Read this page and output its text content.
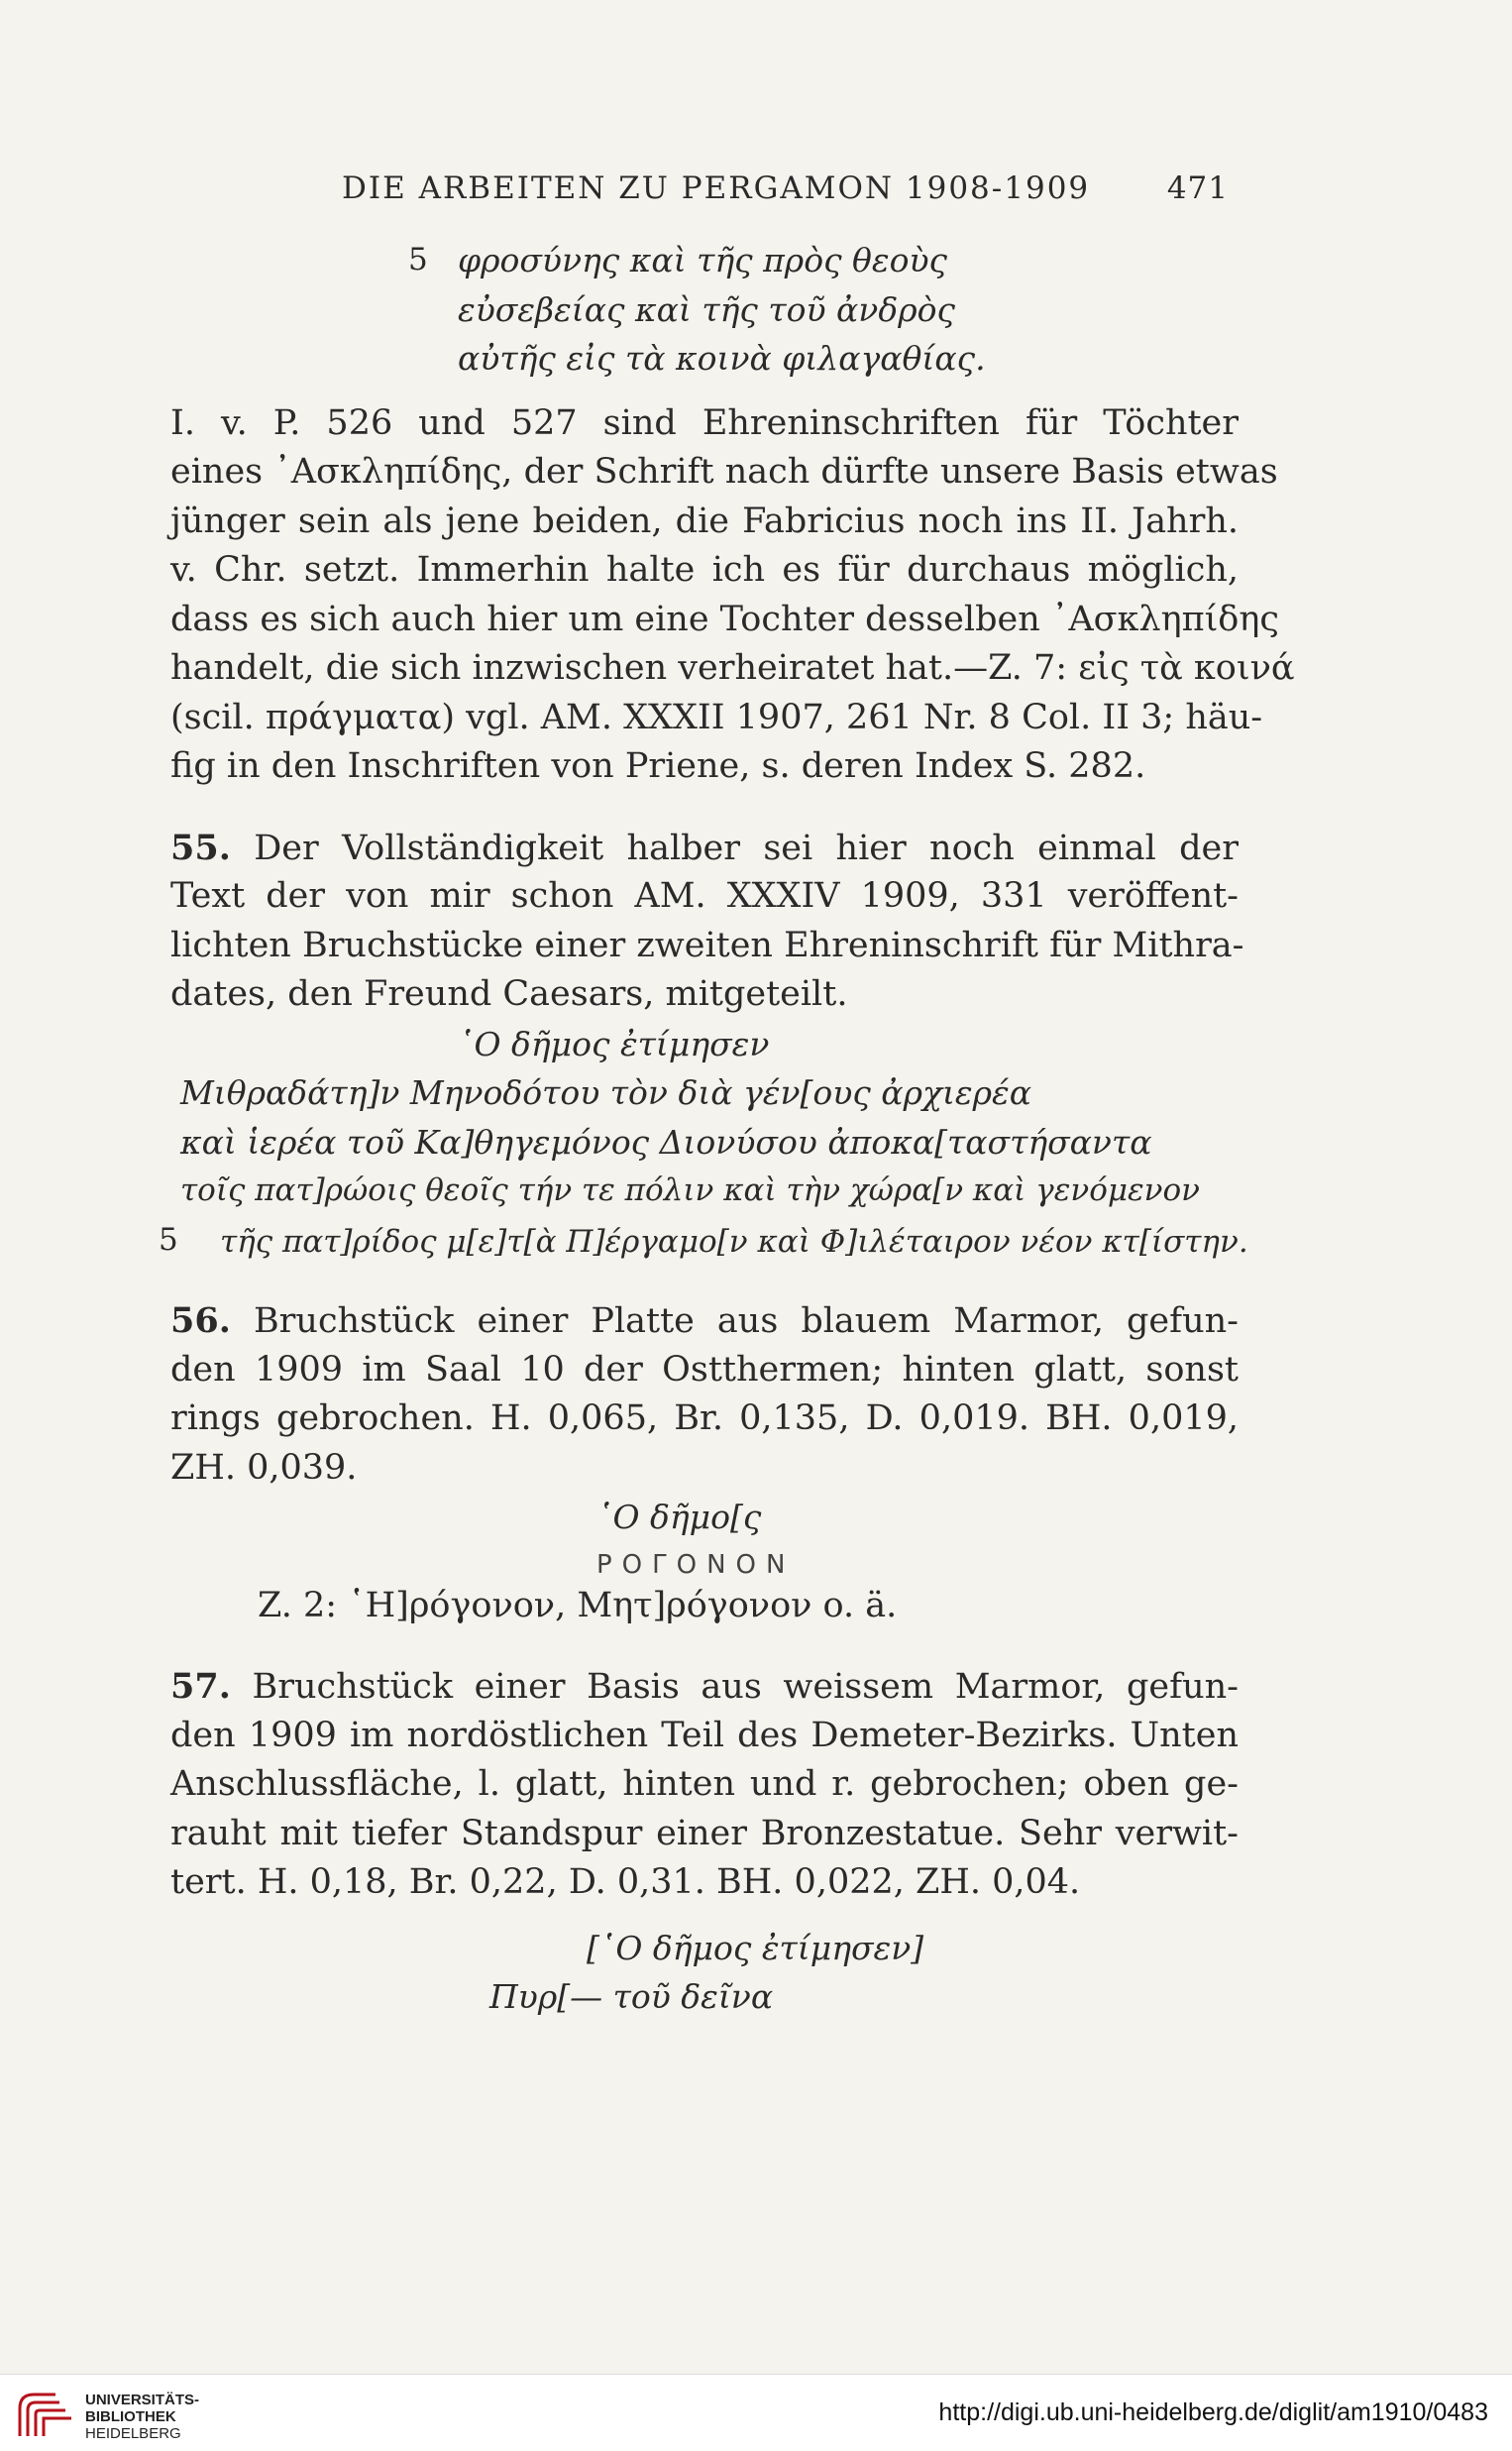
DIE ARBEITEN ZU PERGAMON 1908-1909	471
5 φροσύνης καὶ τῆς πρὸς θεοὺς
εὐσεβείας καὶ τῆς τοῦ ἀνδρὸς
αὐτῆς εἰς τὰ κοινὰ φιλαγαθίας.
I. v. P. 526 und 527 sind Ehreninschriften für Töchter
eines ᾿Ασκληπίδης, der Schrift nach dürfte unsere Basis etwas
jünger sein als jene beiden, die Fabricius noch ins II. Jahrh.
v. Chr. setzt. Immerhin halte ich es für durchaus möglich,
dass es sich auch hier um eine Tochter desselben ᾿Ασκληπίδης
handelt, die sich inzwischen verheiratet hat.—Z. 7: εἰς τὰ κοινά
(scil. πράγματα) vgl. AM. XXXII 1907, 261 Nr. 8 Col. II 3; häu-
fig in den Inschriften von Priene, s. deren Index S. 282.
55. Der Vollständigkeit halber sei hier noch einmal der
Text der von mir schon AM. XXXIV 1909, 331 veröffent-
lichten Bruchstücke einer zweiten Ehreninschrift für Mithra-
dates, den Freund Caesars, mitgeteilt.
῾Ο δῆμος ἐτίμησεν
Μιθραδάτη]ν Μηνοδότου τὸν διὰ γέν[ους ἀρχιερέα
καὶ ἱερέα τοῦ Κα]θηγεμόνος Διονύσου ἀποκα[ταστήσαντα
τοῖς πατ]ρώοις θεοῖς τήν τε πόλιν καὶ τὴν χώρα[ν καὶ γενόμενον
5 τῆς πατ]ρίδος μ[ε]τ[ὰ Π]έργαμο[ν καὶ Φ]ιλέταιρον νέον κτ[ίστην.
56. Bruchstück einer Platte aus blauem Marmor, gefun-
den 1909 im Saal 10 der Ostthermen; hinten glatt, sonst
rings gebrochen. H. 0,065, Br. 0,135, D. 0,019. BH. 0,019,
ZH. 0,039.
῾Ο δῆμο[ς
ΡΟΓΟΝΟΝ
Z. 2: ῾Η]ρόγονον, Μητ]ρόγονον o. ä.
57. Bruchstück einer Basis aus weissem Marmor, gefun-
den 1909 im nordöstlichen Teil des Demeter-Bezirks. Unten
Anschlussfläche, l. glatt, hinten und r. gebrochen; oben ge-
rauht mit tiefer Standspur einer Bronzestatue. Sehr verwit-
tert. H. 0,18, Br. 0,22, D. 0,31. BH. 0,022, ZH. 0,04.
[῾Ο δῆμος ἐτίμησεν]
Πυρ[— τοῦ δεῖνα
UNIVERSITÄTS-
BIBLIOTHEK
HEIDELBERG
http://digi.ub.uni-heidelberg.de/diglit/am1910/0483
